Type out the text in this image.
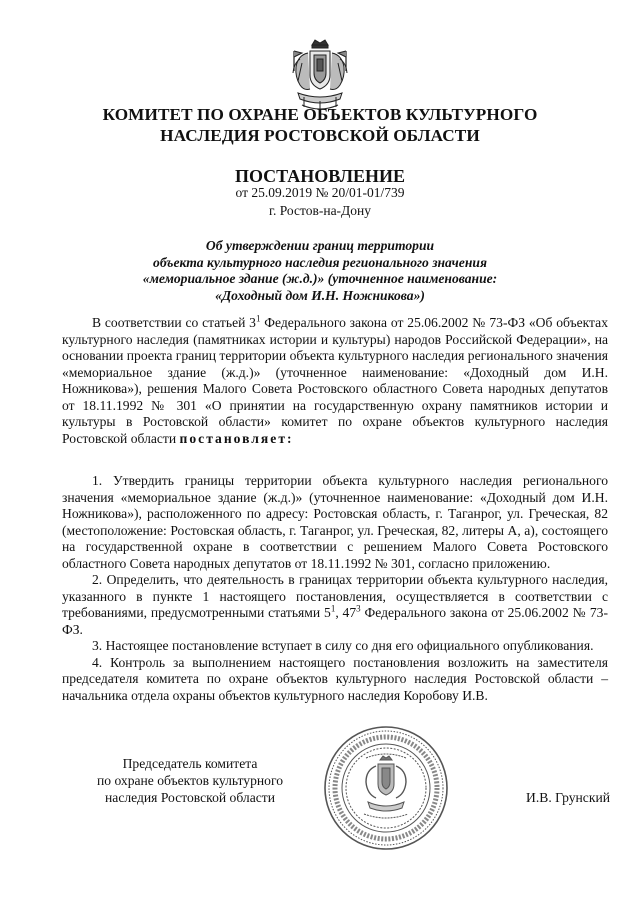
КОМИТЕТ ПО ОХРАНЕ ОБЪЕКТОВ КУЛЬТУРНОГО
НАСЛЕДИЯ РОСТОВСКОЙ ОБЛАСТИ
ПОСТАНОВЛЕНИЕ
от 25.09.2019 № 20/01-01/739
г. Ростов-на-Дону
Об утверждении границ территории
объекта культурного наследия регионального значения
«мемориальное здание (ж.д.)» (уточненное наименование:
«Доходный дом И.Н. Ножникова»)

В соответствии со статьей $3^1$ Федерального закона от 25.06.2002 № 73-ФЗ «Об объектах культурного наследия (памятниках истории и культуры) народов Российской Федерации», на основании проекта границ территории объекта культурного наследия регионального значения «мемориальное здание (ж.д.)» (уточненное наименование: «Доходный дом И.Н. Ножникова»), решения Малого Совета Ростовского областного Совета народных депутатов от 18.11.1992 № 301 «О принятии на государственную охрану памятников истории и культуры в Ростовской области» комитет по охране объектов культурного наследия Ростовской области постановляет:

1. Утвердить границы территории объекта культурного наследия регионального значения «мемориальное здание (ж.д.)» (уточненное наименование: «Доходный дом И.Н. Ножникова»), расположенного по адресу: Ростовская область, г. Таганрог, ул. Греческая, 82 (местоположение: Ростовская область, г. Таганрог, ул. Греческая, 82, литеры А, а), состоящего на государственной охране в соответствии с решением Малого Совета Ростовского областного Совета народных депутатов от 18.11.1992 № 301, согласно приложению.

2. Определить, что деятельность в границах территории объекта культурного наследия, указанного в пункте 1 настоящего постановления, осуществляется в соответствии с требованиями, предусмотренными статьями $5^1$, $47^3$ Федерального закона от 25.06.2002 № 73-ФЗ.

3. Настоящее постановление вступает в силу со дня его официального опубликования.

4. Контроль за выполнением настоящего постановления возложить на заместителя председателя комитета по охране объектов культурного наследия Ростовской области – начальника отдела охраны объектов культурного наследия Коробову И.В.

Председатель комитета
по охране объектов культурного
наследия Ростовской области	И.В. Грунский
